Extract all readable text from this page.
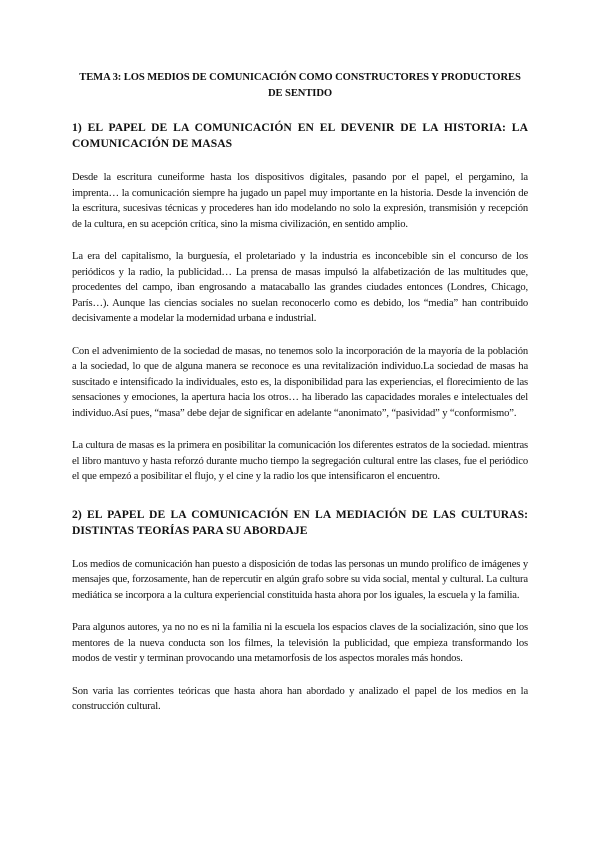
TEMA 3: LOS MEDIOS DE COMUNICACIÓN COMO CONSTRUCTORES Y PRODUCTORES DE SENTIDO
1) EL PAPEL DE LA COMUNICACIÓN EN EL DEVENIR DE LA HISTORIA: LA COMUNICACIÓN DE MASAS

Desde la escritura cuneiforme hasta los dispositivos digitales, pasando por el papel, el pergamino, la imprenta… la comunicación siempre ha jugado un papel muy importante en la historia. Desde la invención de la escritura, sucesivas técnicas y procederes han ido modelando no solo la expresión, transmisión y recepción de la cultura, en su acepción crítica, sino la misma civilización, en sentido amplio.

La era del capitalismo, la burguesía, el proletariado y la industria es inconcebible sin el concurso de los periódicos y la radio, la publicidad… La prensa de masas impulsó la alfabetización de las multitudes que, procedentes del campo, iban engrosando a matacaballo las grandes ciudades entonces (Londres, Chicago, París…). Aunque las ciencias sociales no suelan reconocerlo como es debido, los “media” han contribuido decisivamente a modelar la modernidad urbana e industrial.

Con el advenimiento de la sociedad de masas, no tenemos solo la incorporación de la mayoría de la población a la sociedad, lo que de alguna manera se reconoce es una revitalización individuo.La sociedad de masas ha suscitado e intensificado la individuales, esto es, la disponibilidad para las experiencias, el florecimiento de las sensaciones y emociones, la apertura hacia los otros… ha liberado las capacidades morales e intelectuales del individuo.Así pues, “masa” debe dejar de significar en adelante “anonimato”, “pasividad” y “conformismo”.

La cultura de masas es la primera en posibilitar la comunicación los diferentes estratos de la sociedad. mientras el libro mantuvo y hasta reforzó durante mucho tiempo la segregación cultural entre las clases, fue el periódico el que empezó a posibilitar el flujo, y el cine y la radio los que intensificaron el encuentro.

2) EL PAPEL DE LA COMUNICACIÓN EN LA MEDIACIÓN DE LAS CULTURAS: DISTINTAS TEORÍAS PARA SU ABORDAJE

Los medios de comunicación han puesto a disposición de todas las personas un mundo prolífico de imágenes y mensajes que, forzosamente, han de repercutir en algún grafo sobre su vida social, mental y cultural. La cultura mediática se incorpora a la cultura experiencial constituida hasta ahora por los iguales, la escuela y la familia.

Para algunos autores, ya no no es ni la familia ni la escuela los espacios claves de la socialización, sino que los mentores de la nueva conducta son los filmes, la televisión la publicidad, que empieza transformando los modos de vestir y terminan provocando una metamorfosis de los aspectos morales más hondos.

Son varia las corrientes teóricas que hasta ahora han abordado y analizado el papel de los medios en la construcción cultural.
